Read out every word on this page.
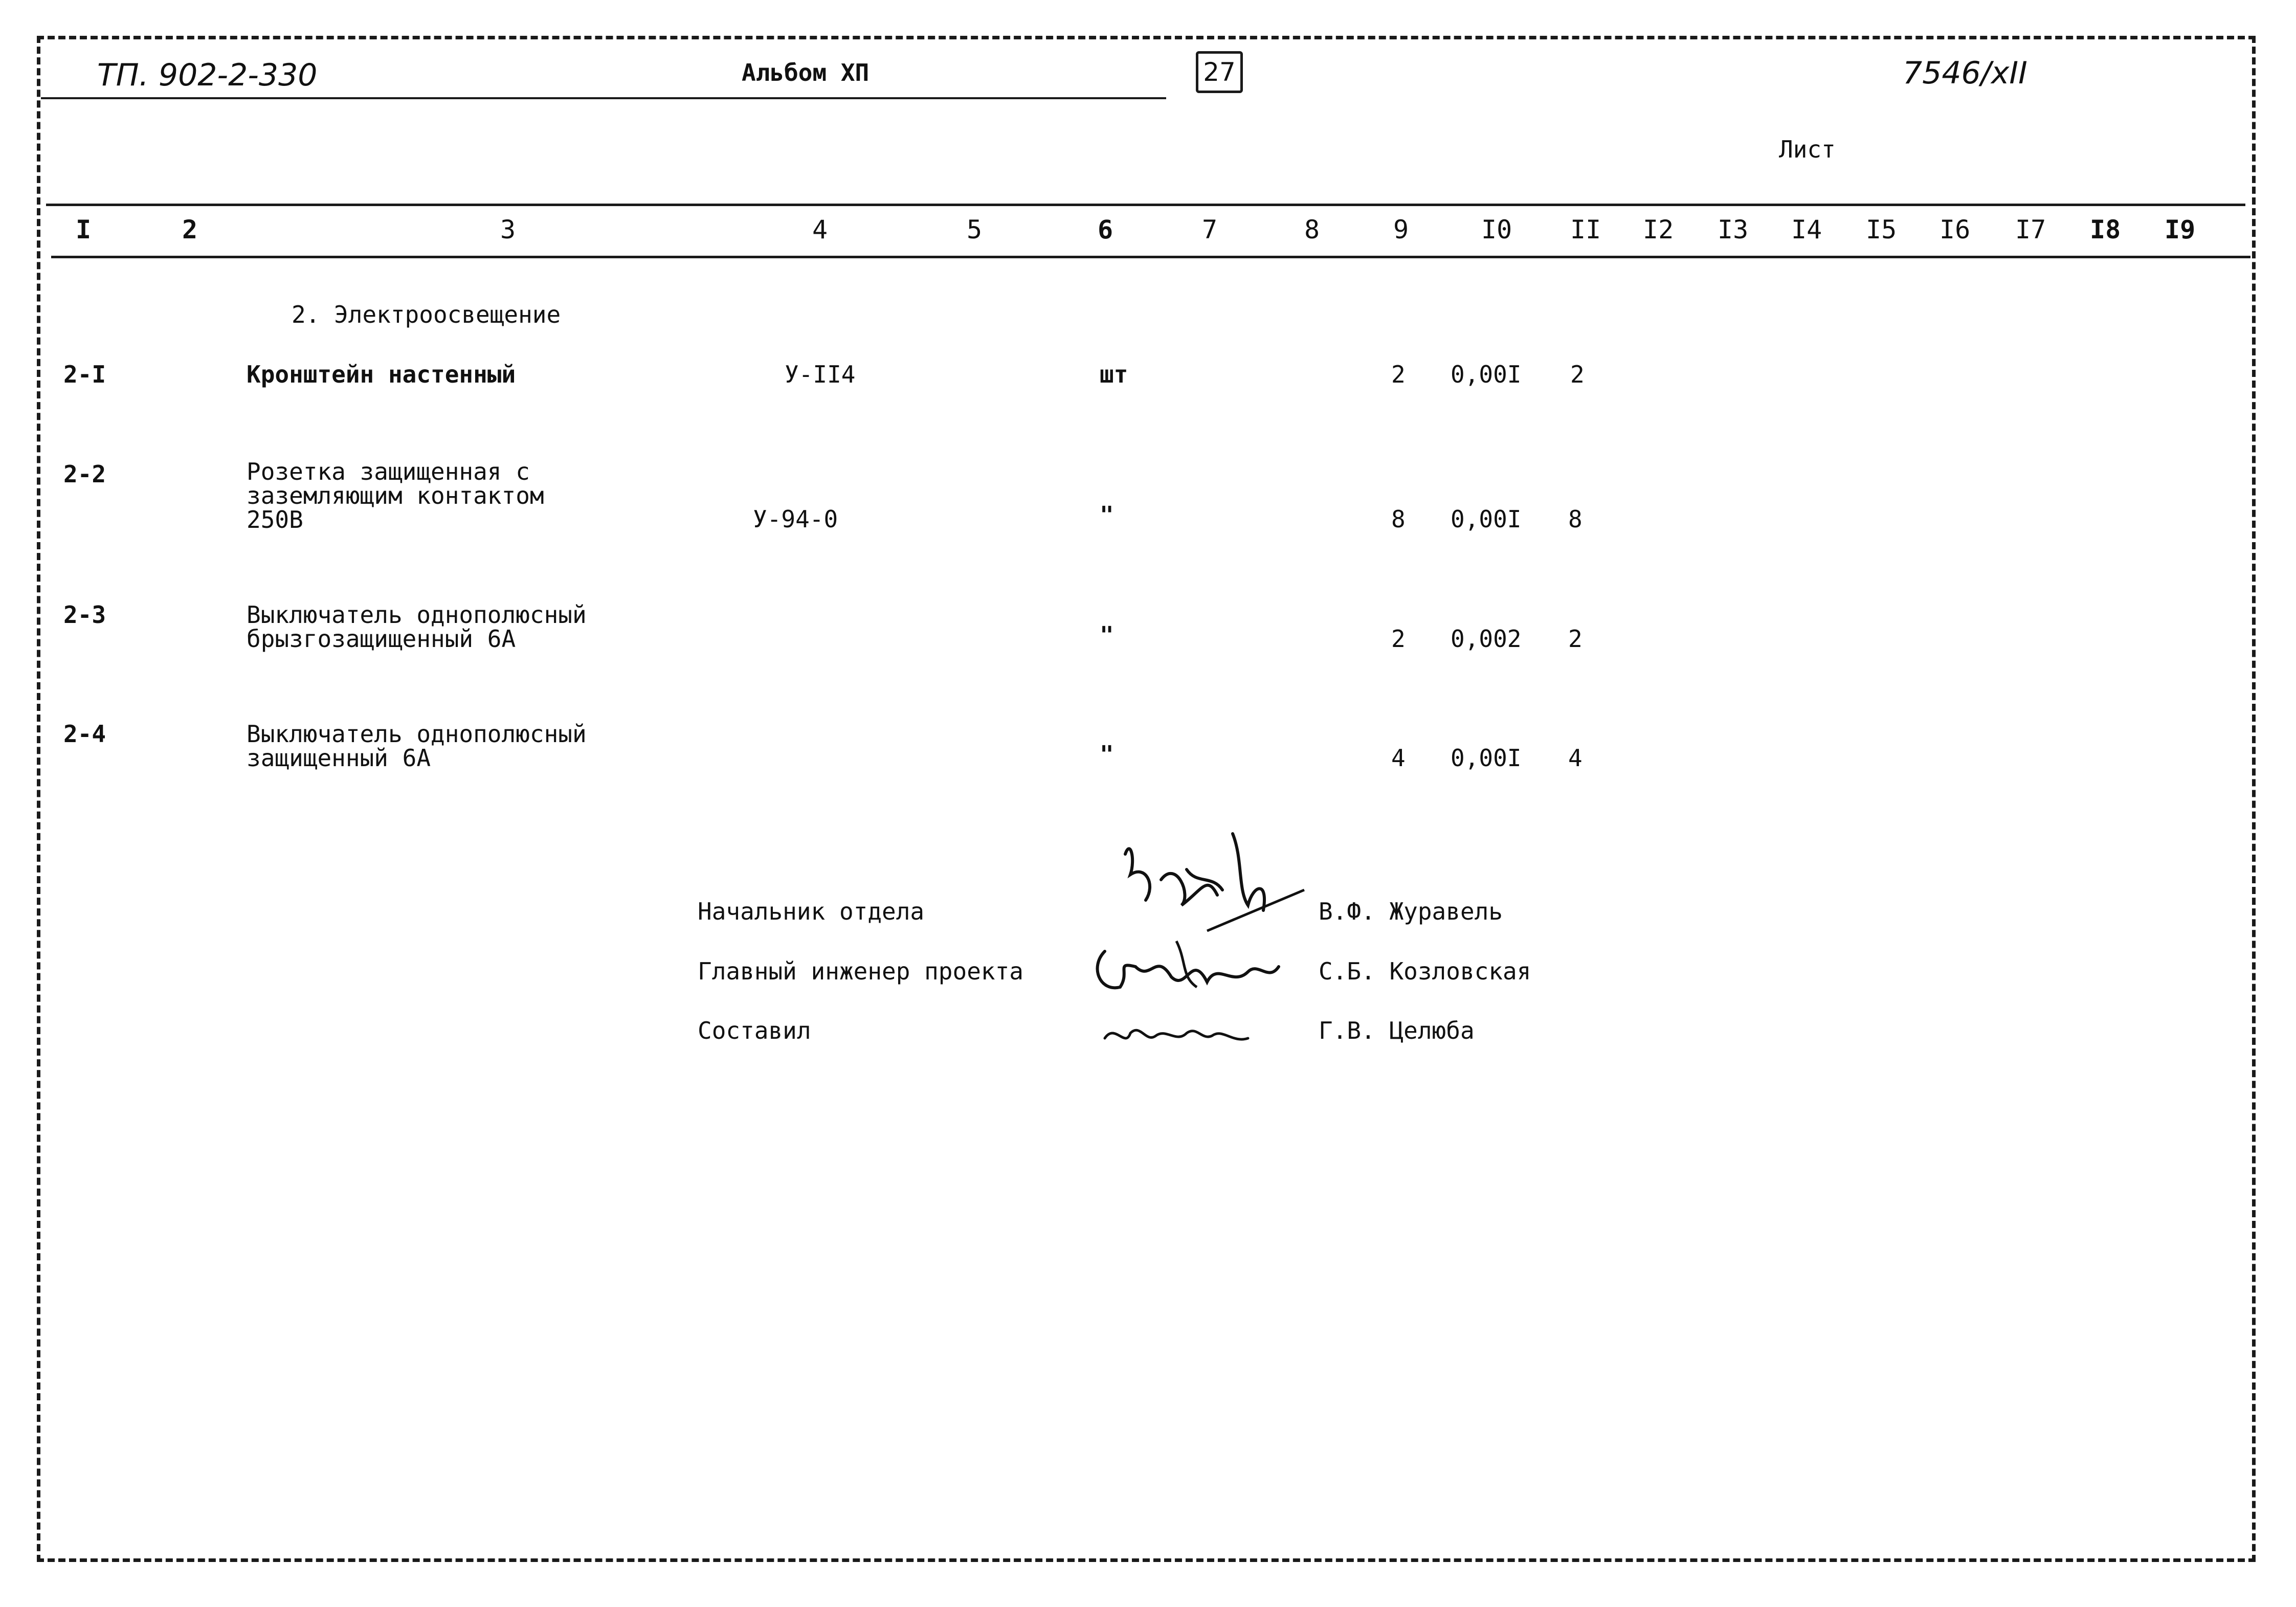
ТП. 902-2-330	Альбом ХП	27	7546/xII
Лист
I	2	3	4	5	6	7	8	9	I0 II I2 I3 I4 I5 I6 I7 I8 I9
2. Электроосвещение
2-I	Кронштейн настенный	У-II4	шт	2 0,00I 2
2-2	Розетка защищенная с
заземляющим контактом
250В	У-94-0	"	8 0,00I 8
2-3	Выключатель однополюсный
брызгозащищенный 6А	"	2 0,002 2
2-4	Выключатель однополюсный
защищенный 6А	"	4 0,00I 4
Начальник отдела	В.Ф. Журавель
Главный инженер проекта	С.Б. Козловская
Составил	Г.В. Целюба
